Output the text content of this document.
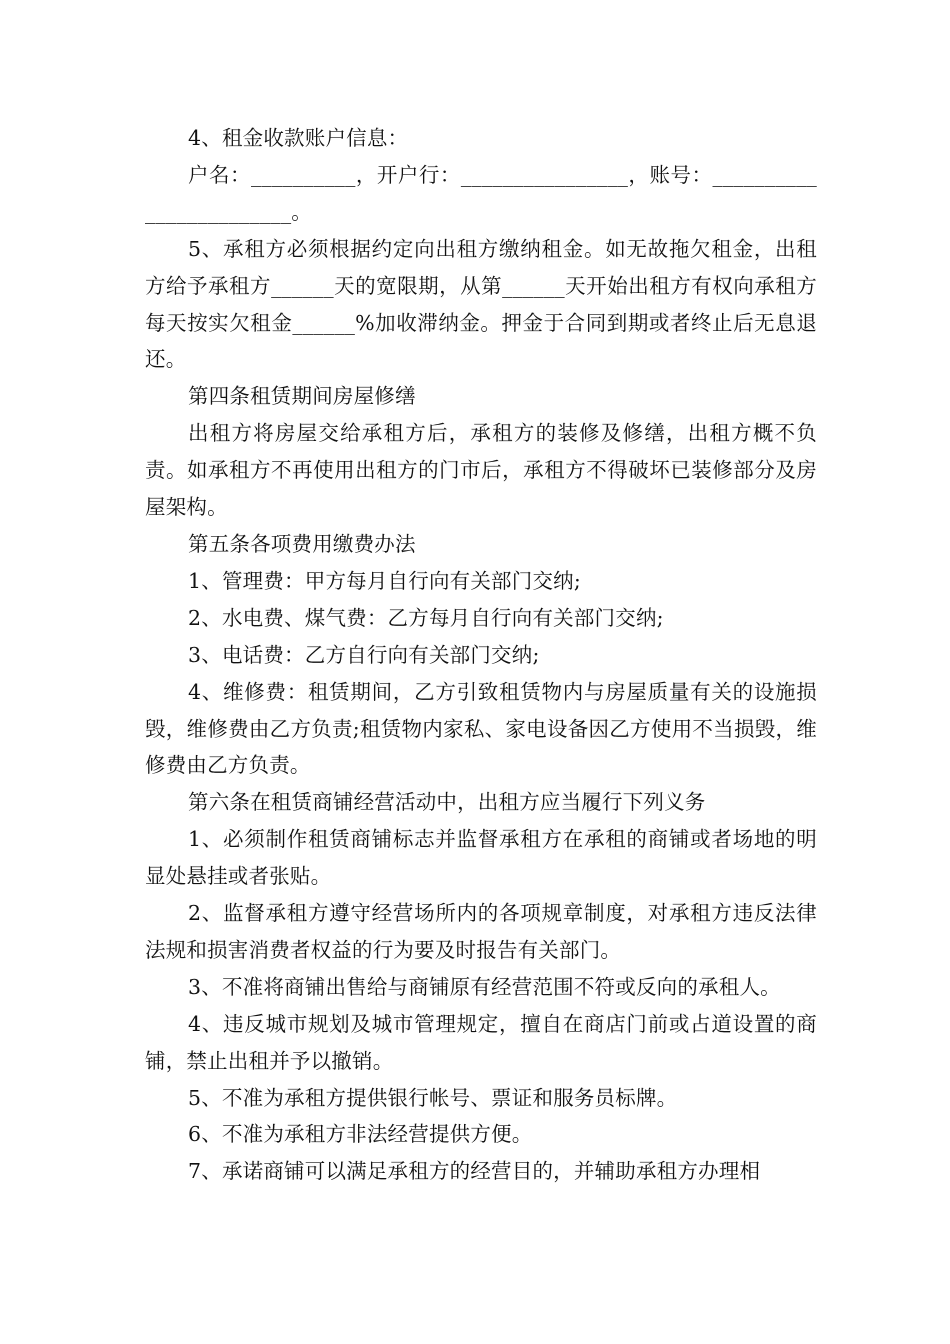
4、租金收款账户信息：

户名：__________，开户行：________________，账号：________________________。

5、承租方必须根据约定向出租方缴纳租金。如无故拖欠租金，出租方给予承租方______天的宽限期，从第______天开始出租方有权向承租方每天按实欠租金______%加收滞纳金。押金于合同到期或者终止后无息退还。

第四条租赁期间房屋修缮

出租方将房屋交给承租方后，承租方的装修及修缮，出租方概不负责。如承租方不再使用出租方的门市后，承租方不得破坏已装修部分及房屋架构。

第五条各项费用缴费办法

1、管理费：甲方每月自行向有关部门交纳;

2、水电费、煤气费：乙方每月自行向有关部门交纳;

3、电话费：乙方自行向有关部门交纳;

4、维修费：租赁期间，乙方引致租赁物内与房屋质量有关的设施损毁，维修费由乙方负责;租赁物内家私、家电设备因乙方使用不当损毁，维修费由乙方负责。

第六条在租赁商铺经营活动中，出租方应当履行下列义务

1、必须制作租赁商铺标志并监督承租方在承租的商铺或者场地的明显处悬挂或者张贴。

2、监督承租方遵守经营场所内的各项规章制度，对承租方违反法律法规和损害消费者权益的行为要及时报告有关部门。

3、不准将商铺出售给与商铺原有经营范围不符或反向的承租人。

4、违反城市规划及城市管理规定，擅自在商店门前或占道设置的商铺，禁止出租并予以撤销。

5、不准为承租方提供银行帐号、票证和服务员标牌。

6、不准为承租方非法经营提供方便。

7、承诺商铺可以满足承租方的经营目的，并辅助承租方办理相
